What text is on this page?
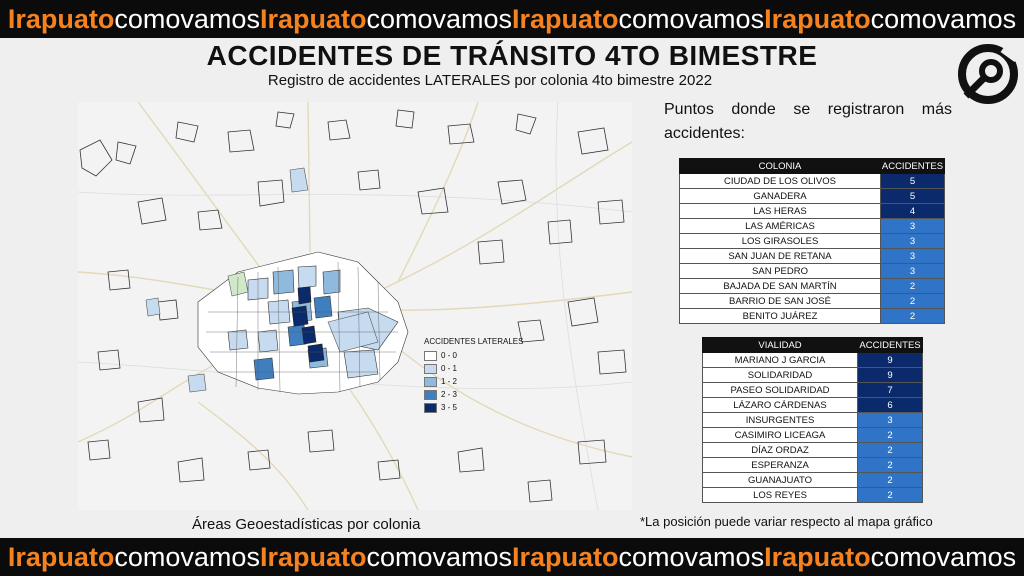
Irapuato comovamos Irapuato comovamos Irapuato comovamos Irapuato comovamos
ACCIDENTES DE TRÁNSITO 4TO BIMESTRE
Registro de accidentes LATERALES por colonia 4to bimestre 2022
ACCIDENTES LATERALES
0 - 0
0 - 1
1 - 2
2 - 3
3 - 5
Áreas Geoestadísticas por colonia
Puntos donde se registraron más
accidentes:
COLONIA	ACCIDENTES
CIUDAD DE LOS OLIVOS	5
GANADERA	5
LAS HERAS	4
LAS AMÉRICAS	3
LOS GIRASOLES	3
SAN JUAN DE RETANA	3
SAN PEDRO	3
BAJADA DE SAN MARTÍN	2
BARRIO DE SAN JOSÉ	2
BENITO JUÁREZ	2
VIALIDAD	ACCIDENTES
MARIANO J GARCIA	9
SOLIDARIDAD	9
PASEO SOLIDARIDAD	7
LÁZARO CÁRDENAS	6
INSURGENTES	3
CASIMIRO LICEAGA	2
DÍAZ ORDAZ	2
ESPERANZA	2
GUANAJUATO	2
LOS REYES	2
*La posición puede variar respecto al mapa gráfico
Irapuato comovamos Irapuato comovamos Irapuato comovamos Irapuato comovamos
